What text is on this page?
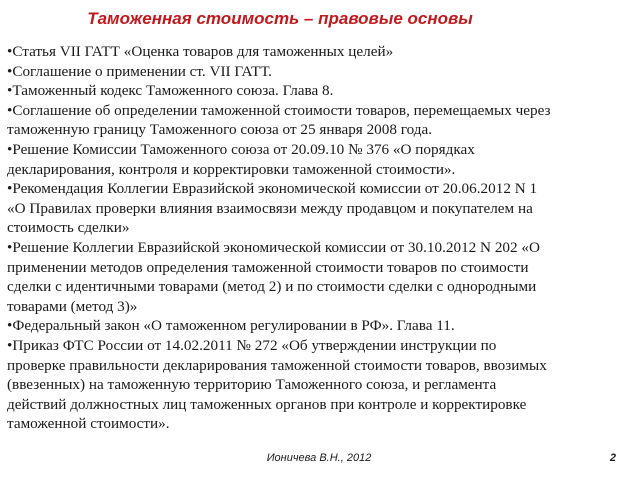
Таможенная стоимость – правовые основы
•Статья VII ГАТТ «Оценка товаров для таможенных целей»
•Соглашение о применении ст. VII ГАТТ.
•Таможенный кодекс Таможенного союза. Глава 8.
•Соглашение об определении таможенной стоимости товаров, перемещаемых через
таможенную границу Таможенного союза от 25 января 2008 года.
•Решение Комиссии Таможенного союза от 20.09.10 № 376 «О порядках
декларирования, контроля и корректировки таможенной стоимости».
•Рекомендация Коллегии Евразийской экономической комиссии от 20.06.2012 N 1
«О Правилах проверки влияния взаимосвязи между продавцом и покупателем на
стоимость сделки»
•Решение Коллегии Евразийской экономической комиссии от 30.10.2012 N 202 «О
применении методов определения таможенной стоимости товаров по стоимости
сделки с идентичными товарами (метод 2) и по стоимости сделки с однородными
товарами (метод 3)»
•Федеральный закон «О таможенном регулировании в РФ». Глава 11.
•Приказ ФТС России от 14.02.2011 № 272 «Об утверждении инструкции по
проверке правильности декларирования таможенной стоимости товаров, ввозимых
(ввезенных) на таможенную территорию Таможенного союза, и регламента
действий должностных лиц таможенных органов при контроле и корректировке
таможенной стоимости».
Ионичева В.Н., 2012	2
